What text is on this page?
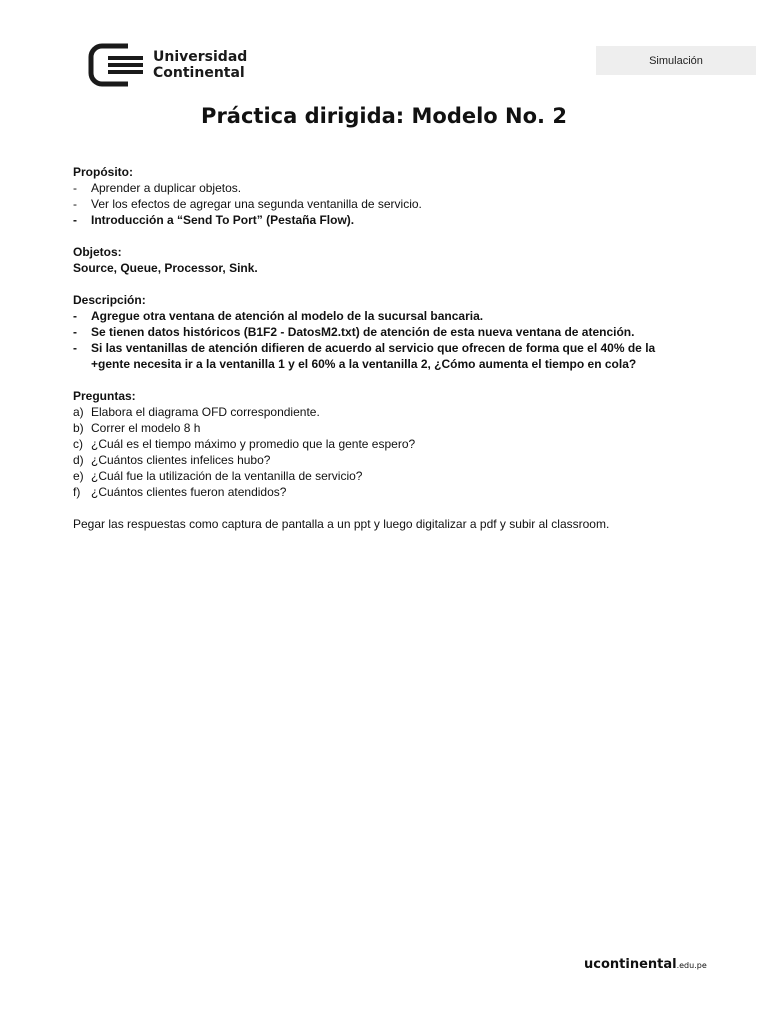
Universidad
Continental
Simulación
Práctica dirigida: Modelo No. 2
Propósito:
-	Aprender a duplicar objetos.
-	Ver los efectos de agregar una segunda ventanilla de servicio.
-	Introducción a “Send To Port” (Pestaña Flow).
Objetos:
Source, Queue, Processor, Sink.
Descripción:
-	Agregue otra ventana de atención al modelo de la sucursal bancaria.
-	Se tienen datos históricos (B1F2 - DatosM2.txt) de atención de esta nueva ventana de atención.
-	Si las ventanillas de atención difieren de acuerdo al servicio que ofrecen de forma que el 40% de la +gente necesita ir a la ventanilla 1 y el 60% a la ventanilla 2, ¿Cómo aumenta el tiempo en cola?
Preguntas:
a) Elabora el diagrama OFD correspondiente.
b) Correr el modelo 8 h
c) ¿Cuál es el tiempo máximo y promedio que la gente espero?
d) ¿Cuántos clientes infelices hubo?
e) ¿Cuál fue la utilización de la ventanilla de servicio?
f) ¿Cuántos clientes fueron atendidos?
Pegar las respuestas como captura de pantalla a un ppt y luego digitalizar a pdf y subir al classroom.
ucontinental.edu.pe
